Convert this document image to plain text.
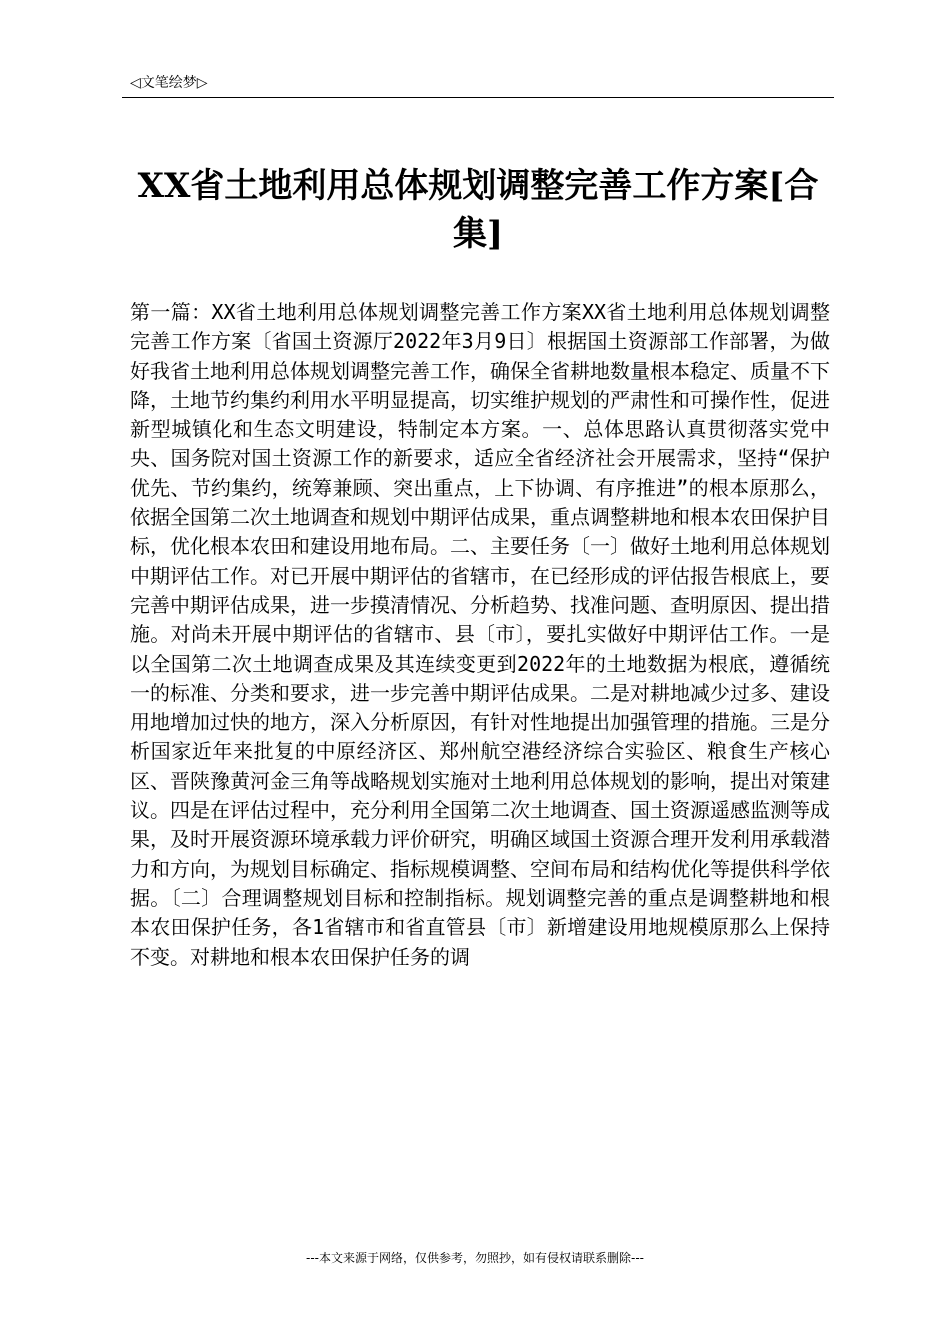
◁文笔绘梦▷
XX省土地利用总体规划调整完善工作方案[合
集]

第一篇：XX省土地利用总体规划调整完善工作方案XX省土地利用总体规划调整完善工作方案〔省国土资源厅2022年3月9日〕根据国土资源部工作部署，为做好我省土地利用总体规划调整完善工作，确保全省耕地数量根本稳定、质量不下降，土地节约集约利用水平明显提高，切实维护规划的严肃性和可操作性，促进新型城镇化和生态文明建设，特制定本方案。一、总体思路认真贯彻落实党中央、国务院对国土资源工作的新要求，适应全省经济社会开展需求，坚持“保护优先、节约集约，统筹兼顾、突出重点，上下协调、有序推进”的根本原那么，依据全国第二次土地调查和规划中期评估成果，重点调整耕地和根本农田保护目标，优化根本农田和建设用地布局。二、主要任务〔一〕做好土地利用总体规划中期评估工作。对已开展中期评估的省辖市，在已经形成的评估报告根底上，要完善中期评估成果，进一步摸清情况、分析趋势、找准问题、查明原因、提出措施。对尚未开展中期评估的省辖市、县〔市〕，要扎实做好中期评估工作。一是以全国第二次土地调查成果及其连续变更到2022年的土地数据为根底，遵循统一的标准、分类和要求，进一步完善中期评估成果。二是对耕地减少过多、建设用地增加过快的地方，深入分析原因，有针对性地提出加强管理的措施。三是分析国家近年来批复的中原经济区、郑州航空港经济综合实验区、粮食生产核心区、晋陕豫黄河金三角等战略规划实施对土地利用总体规划的影响，提出对策建议。四是在评估过程中，充分利用全国第二次土地调查、国土资源遥感监测等成果，及时开展资源环境承载力评价研究，明确区域国土资源合理开发利用承载潜力和方向，为规划目标确定、指标规模调整、空间布局和结构优化等提供科学依据。〔二〕合理调整规划目标和控制指标。规划调整完善的重点是调整耕地和根本农田保护任务，各1省辖市和省直管县〔市〕新增建设用地规模原那么上保持不变。对耕地和根本农田保护任务的调

---本文来源于网络，仅供参考，勿照抄，如有侵权请联系删除---
